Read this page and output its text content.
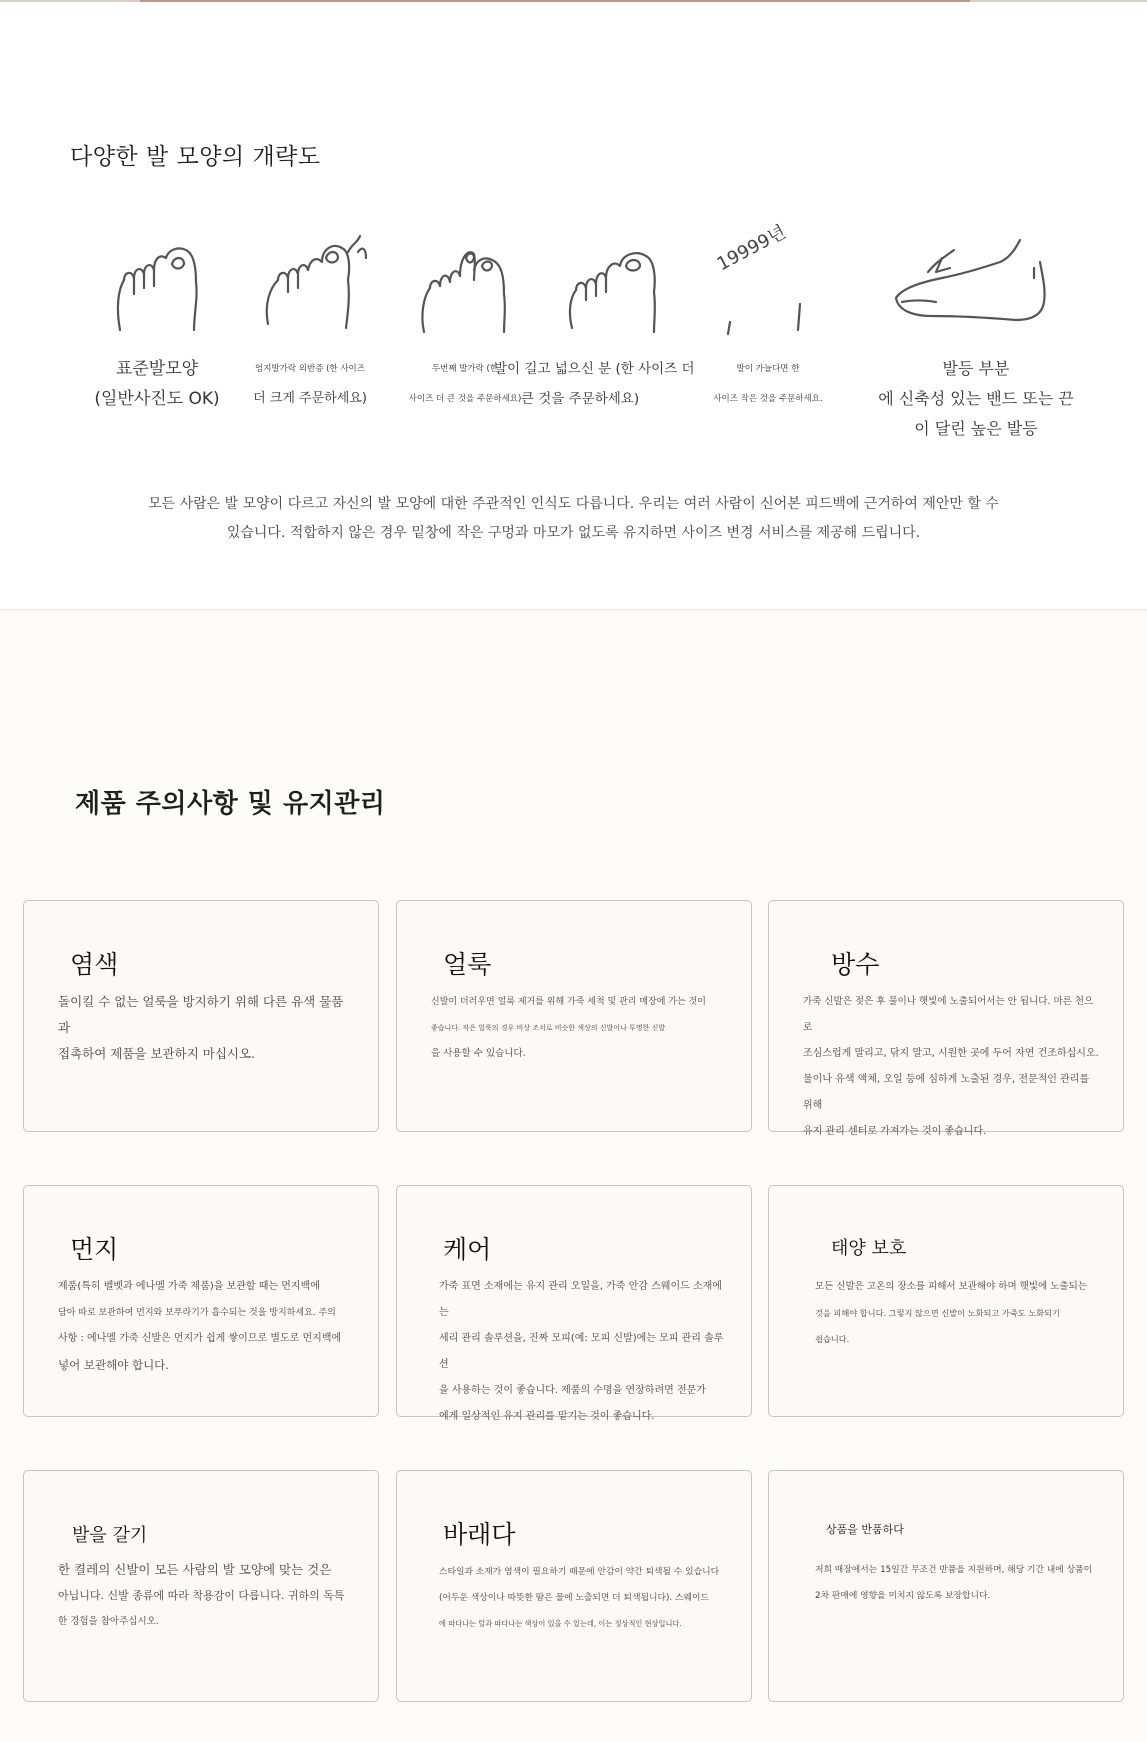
다양한 발 모양의 개략도
19999년
표준발모양
(일반사진도 OK)
엄지발가락 외반증 (한 사이즈
더 크게 주문하세요)
두번째 발가락 (한
사이즈 더 큰 것을 주문하세요)
발이 길고 넓으신 분 (한 사이즈 더
큰 것을 주문하세요)
발이 가늘다면 한
사이즈 작은 것을 주문하세요.
발등 부분
에 신축성 있는 밴드 또는 끈
이 달린 높은 발등
모든 사람은 발 모양이 다르고 자신의 발 모양에 대한 주관적인 인식도 다릅니다. 우리는 여러 사람이 신어본 피드백에 근거하여 제안만 할 수
있습니다. 적합하지 않은 경우 밑창에 작은 구멍과 마모가 없도록 유지하면 사이즈 변경 서비스를 제공해 드립니다.
제품 주의사항 및 유지관리
염색
돌이킬 수 없는 얼룩을 방지하기 위해 다른 유색 물품과
접촉하여 제품을 보관하지 마십시오.
얼룩
신발이 더러우면 얼룩 제거를 위해 가죽 세척 및 관리 매장에 가는 것이
좋습니다. 작은 얼룩의 경우 비상 조치로 비슷한 색상의 신발이나 투명한 신발
을 사용할 수 있습니다.
방수
가죽 신발은 젖은 후 물이나 햇빛에 노출되어서는 안 됩니다. 마른 천으로
조심스럽게 말리고, 닦지 말고, 시원한 곳에 두어 자연 건조하십시오.
물이나 유색 액체, 오일 등에 심하게 노출된 경우, 전문적인 관리를 위해
유지 관리 센터로 가져가는 것이 좋습니다.
먼지
제품(특히 벨벳과 에나멜 가죽 제품)을 보관할 때는 먼지백에
담아 따로 보관하여 먼지와 보푸라기가 흡수되는 것을 방지하세요. 주의
사항 : 에나멜 가죽 신발은 먼지가 쉽게 쌓이므로 별도로 먼지백에
넣어 보관해야 합니다.
케어
가죽 표면 소재에는 유지 관리 오일을, 가죽 안감 스웨이드 소재에는
세리 관리 솔루션을, 진짜 모피(예: 모피 신발)에는 모피 관리 솔루션
을 사용하는 것이 좋습니다. 제품의 수명을 연장하려면 전문가
에게 일상적인 유지 관리를 맡기는 것이 좋습니다.
태양 보호
모든 신발은 고온의 장소를 피해서 보관해야 하며 햇빛에 노출되는
것을 피해야 합니다. 그렇지 않으면 신발이 노화되고 가죽도 노화되기
쉽습니다.
발을 갈기
한 켤레의 신발이 모든 사람의 발 모양에 맞는 것은
아닙니다. 신발 종류에 따라 착용감이 다릅니다. 귀하의 독특
한 경험을 참아주십시오.
바래다
스타일과 소재가 염색이 필요하기 때문에 안감이 약간 퇴색될 수 있습니다
(어두운 색상이나 따뜻한 땀은 물에 노출되면 더 퇴색됩니다). 스웨이드
에 따다나는 털과 따다나는 색상이 있을 수 있는데, 이는 정상적인 현상입니다.
상품을 반품하다
저희 매장에서는 15일간 무조건 반품을 지원하며, 해당 기간 내에 상품이
2차 판매에 영향을 미치지 않도록 보장합니다.
